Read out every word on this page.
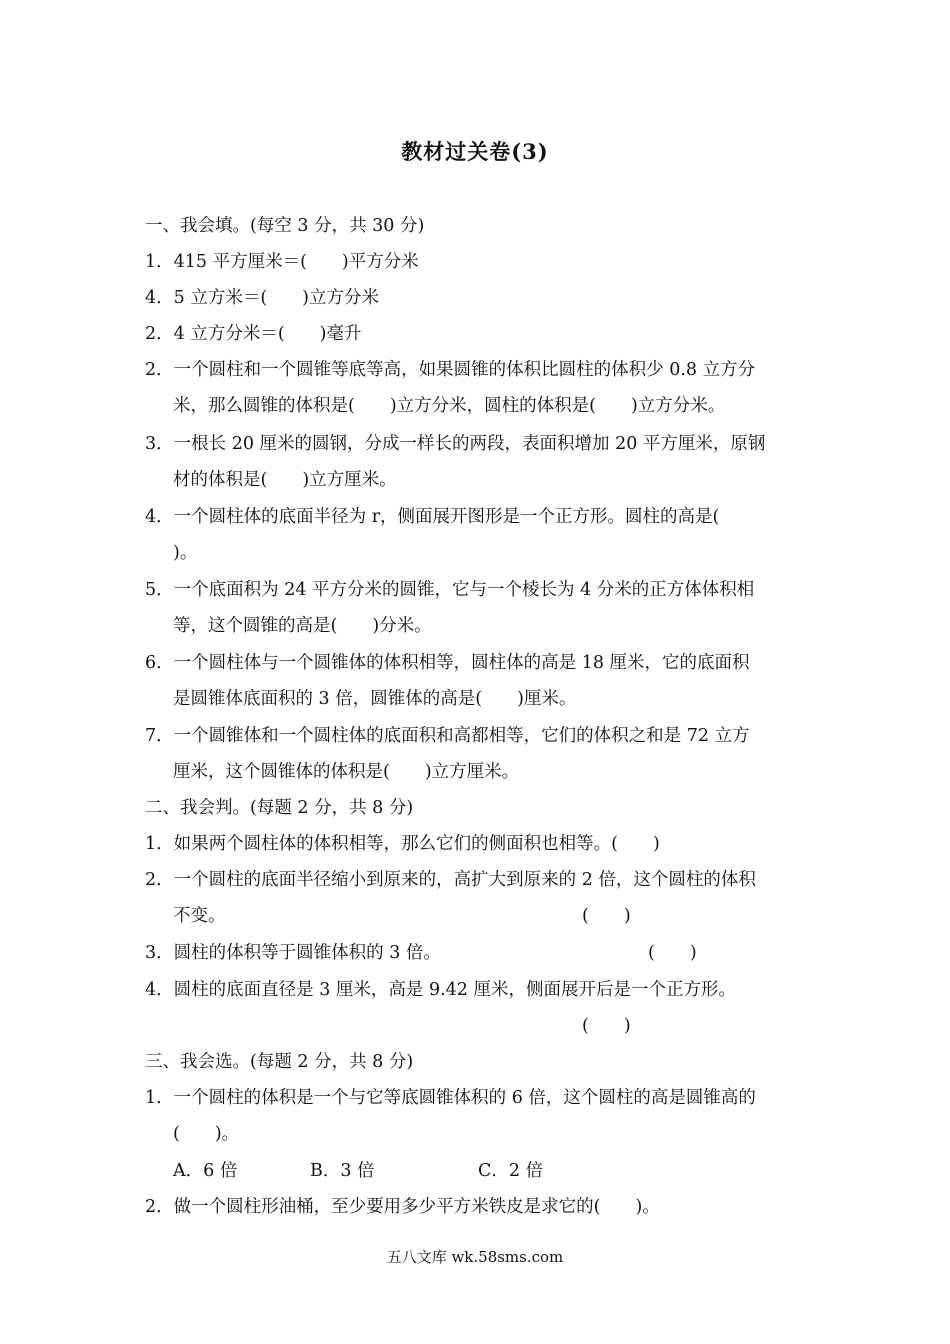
教材过关卷(3)
一、我会填。(每空 3 分，共 30 分)
1．415 平方厘米＝(　　)平方分米
4．5 立方米＝(　　)立方分米
2．4 立方分米＝(　　)毫升
2．一个圆柱和一个圆锥等底等高，如果圆锥的体积比圆柱的体积少 0.8 立方分
米，那么圆锥的体积是(　　)立方分米，圆柱的体积是(　　)立方分米。
3．一根长 20 厘米的圆钢，分成一样长的两段，表面积增加 20 平方厘米，原钢
材的体积是(　　)立方厘米。
4．一个圆柱体的底面半径为 r，侧面展开图形是一个正方形。圆柱的高是(
)。
5．一个底面积为 24 平方分米的圆锥，它与一个棱长为 4 分米的正方体体积相
等，这个圆锥的高是(　　)分米。
6．一个圆柱体与一个圆锥体的体积相等，圆柱体的高是 18 厘米，它的底面积
是圆锥体底面积的 3 倍，圆锥体的高是(　　)厘米。
7．一个圆锥体和一个圆柱体的底面积和高都相等，它们的体积之和是 72 立方
厘米，这个圆锥体的体积是(　　)立方厘米。
二、我会判。(每题 2 分，共 8 分)
1．如果两个圆柱体的体积相等，那么它们的侧面积也相等。(　　)
2．一个圆柱的底面半径缩小到原来的，高扩大到原来的 2 倍，这个圆柱的体积
不变。	(　　)
3．圆柱的体积等于圆锥体积的 3 倍。	(　　)
4．圆柱的底面直径是 3 厘米，高是 9.42 厘米，侧面展开后是一个正方形。
(　　)
三、我会选。(每题 2 分，共 8 分)
1．一个圆柱的体积是一个与它等底圆锥体积的 6 倍，这个圆柱的高是圆锥高的
(　　)。
A．6 倍	B．3 倍	C．2 倍
2．做一个圆柱形油桶，至少要用多少平方米铁皮是求它的(　　)。
五八文库 wk.58sms.com
